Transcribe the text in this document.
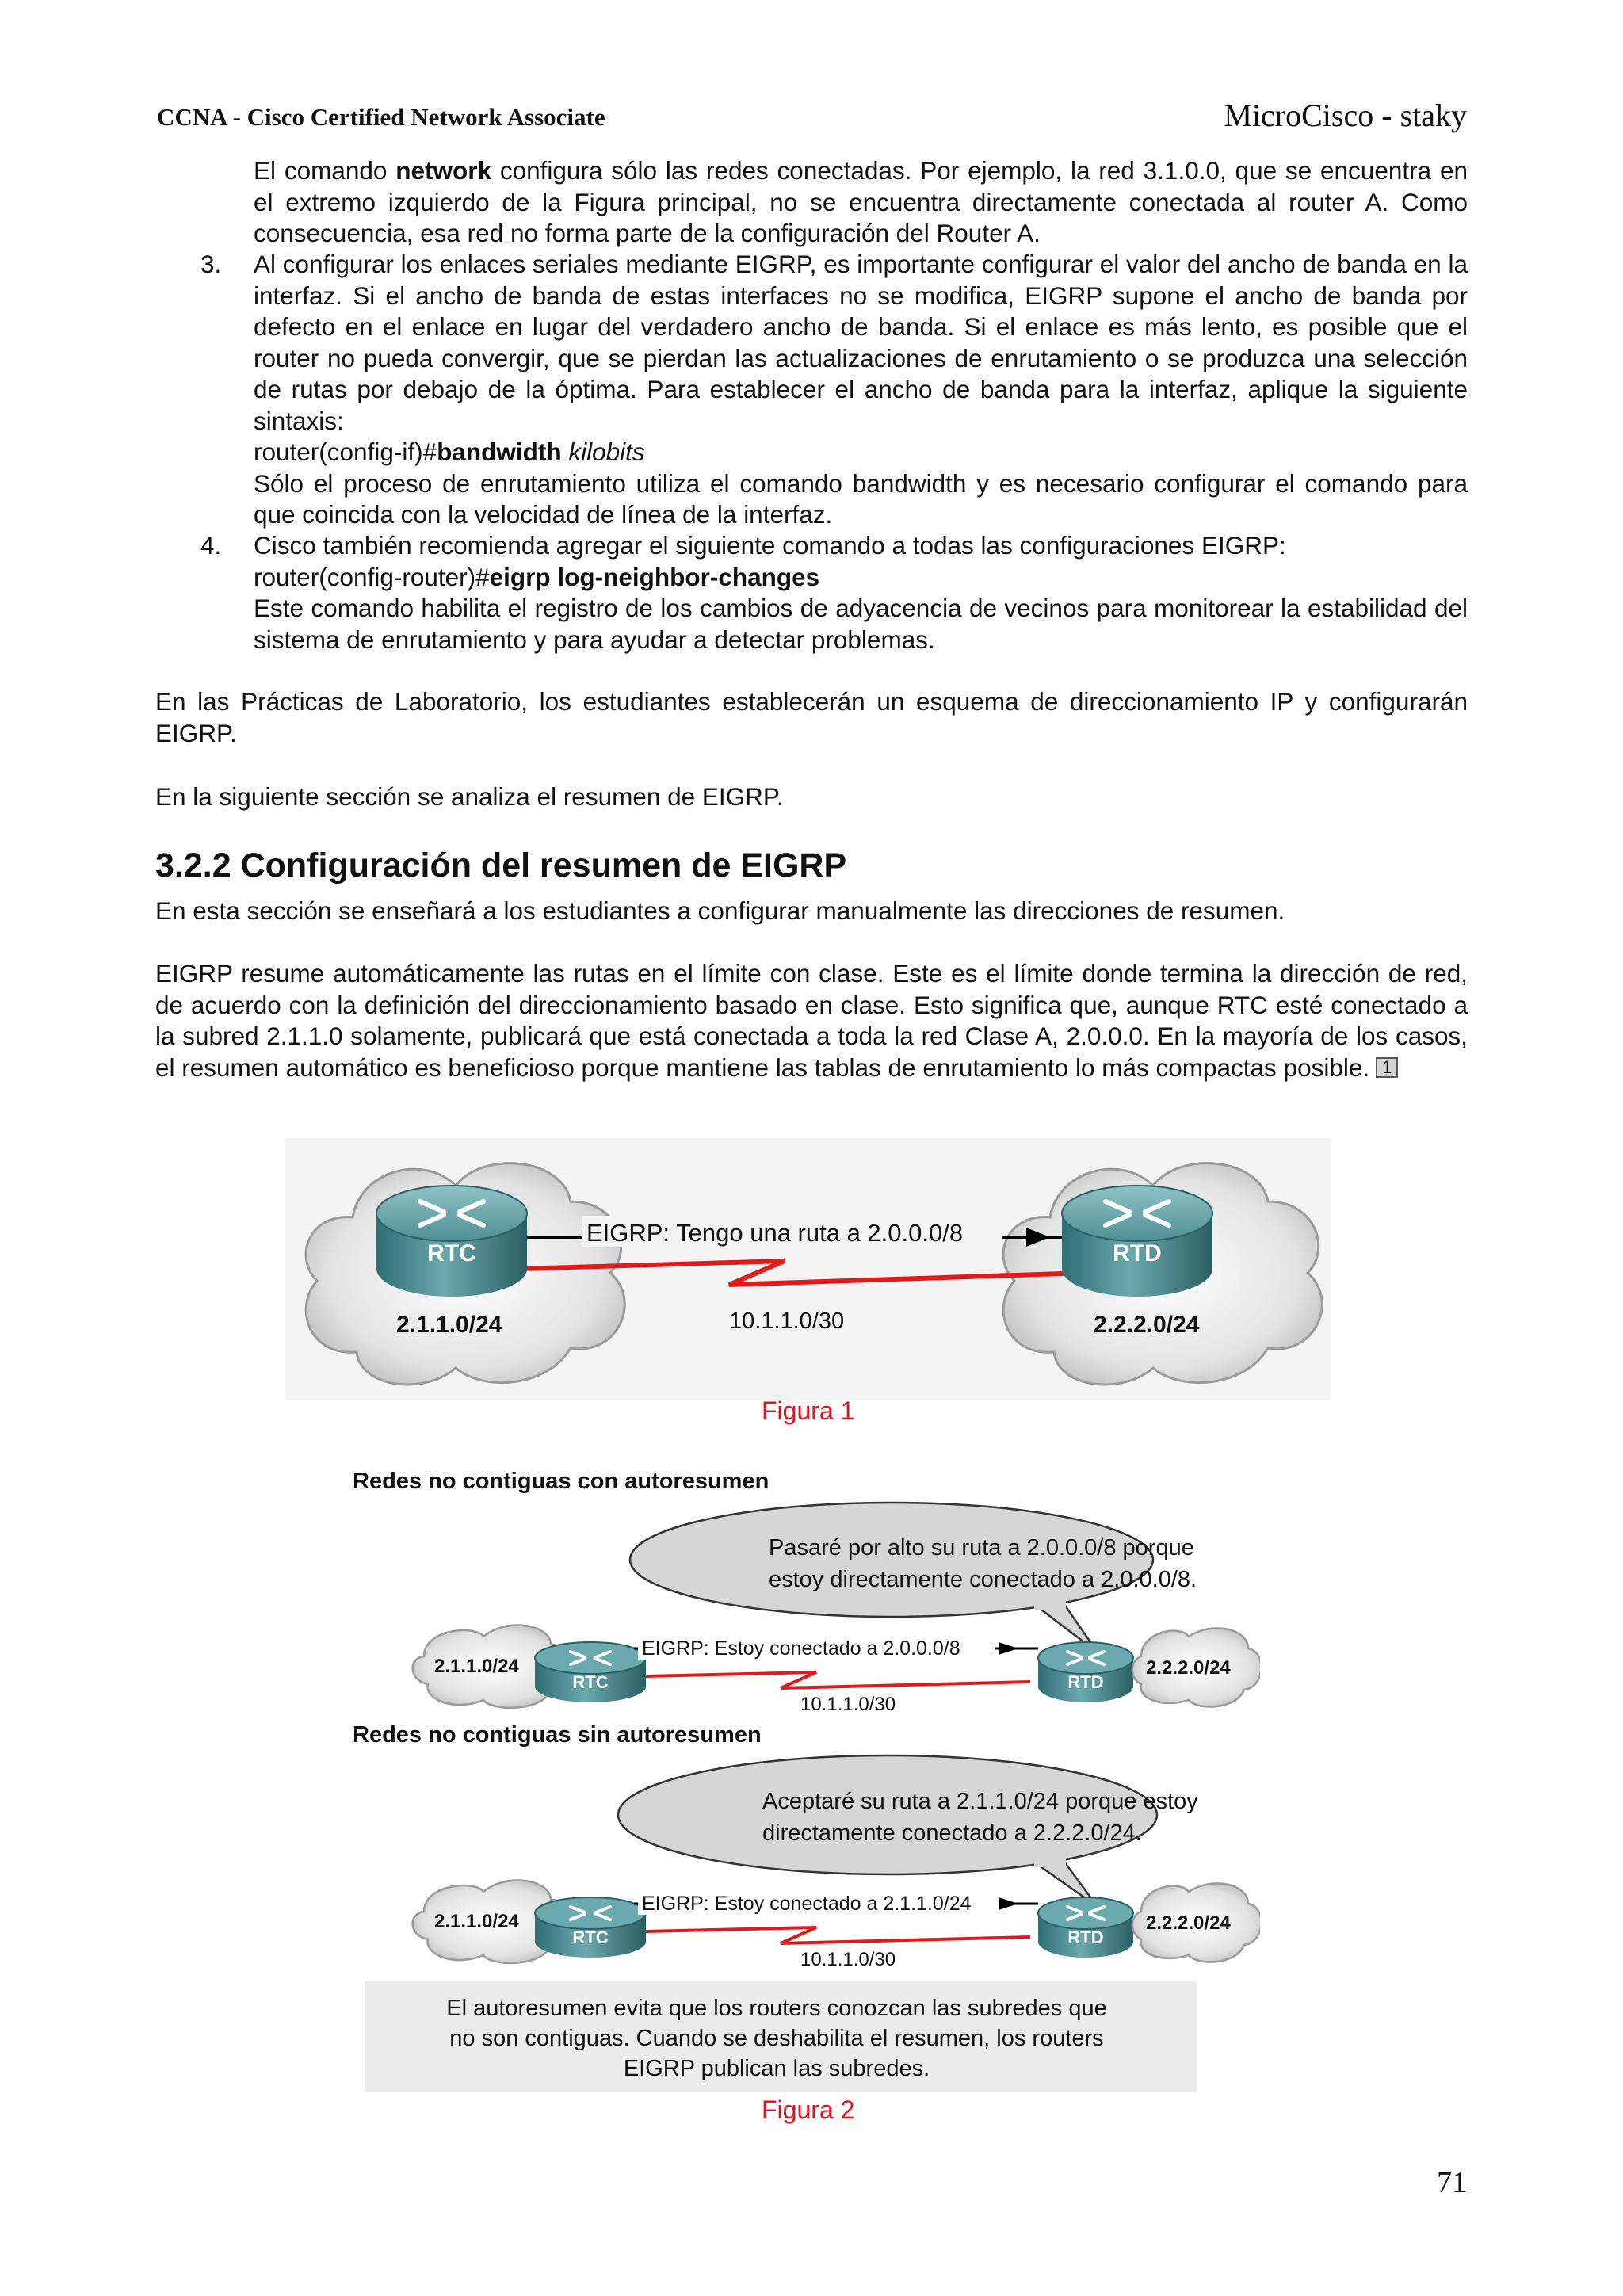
CCNA - Cisco Certified Network Associate	MicroCisco - staky
El comando network configura sólo las redes conectadas. Por ejemplo, la red 3.1.0.0, que se encuentra en el extremo izquierdo de la Figura principal, no se encuentra directamente conectada al router A. Como consecuencia, esa red no forma parte de la configuración del Router A.
3. Al configurar los enlaces seriales mediante EIGRP, es importante configurar el valor del ancho de banda en la interfaz. Si el ancho de banda de estas interfaces no se modifica, EIGRP supone el ancho de banda por defecto en el enlace en lugar del verdadero ancho de banda. Si el enlace es más lento, es posible que el router no pueda convergir, que se pierdan las actualizaciones de enrutamiento o se produzca una selección de rutas por debajo de la óptima. Para establecer el ancho de banda para la interfaz, aplique la siguiente sintaxis:
router(config-if)#bandwidth kilobits
Sólo el proceso de enrutamiento utiliza el comando bandwidth y es necesario configurar el comando para que coincida con la velocidad de línea de la interfaz.
4. Cisco también recomienda agregar el siguiente comando a todas las configuraciones EIGRP:
router(config-router)#eigrp log-neighbor-changes
Este comando habilita el registro de los cambios de adyacencia de vecinos para monitorear la estabilidad del sistema de enrutamiento y para ayudar a detectar problemas.
En las Prácticas de Laboratorio, los estudiantes establecerán un esquema de direccionamiento IP y configurarán EIGRP.
En la siguiente sección se analiza el resumen de EIGRP.
3.2.2 Configuración del resumen de EIGRP
En esta sección se enseñará a los estudiantes a configurar manualmente las direcciones de resumen.
EIGRP resume automáticamente las rutas en el límite con clase. Este es el límite donde termina la dirección de red, de acuerdo con la definición del direccionamiento basado en clase. Esto significa que, aunque RTC esté conectado a la subred 2.1.1.0 solamente, publicará que está conectada a toda la red Clase A, 2.0.0.0. En la mayoría de los casos, el resumen automático es beneficioso porque mantiene las tablas de enrutamiento lo más compactas posible. 1
RTC	RTD
EIGRP: Tengo una ruta a 2.0.0.0/8
10.1.1.0/30
2.1.1.0/24	2.2.2.0/24
Figura 1
Redes no contiguas con autoresumen
Pasaré por alto su ruta a 2.0.0.0/8 porque
estoy directamente conectado a 2.0.0.0/8.
2.1.1.0/24
RTC
EIGRP: Estoy conectado a 2.0.0.0/8
10.1.1.0/30
RTD
2.2.2.0/24
Redes no contiguas sin autoresumen
Aceptaré su ruta a 2.1.1.0/24 porque estoy
directamente conectado a 2.2.2.0/24.
2.1.1.0/24
RTC
EIGRP: Estoy conectado a 2.1.1.0/24
10.1.1.0/30
RTD
2.2.2.0/24
El autoresumen evita que los routers conozcan las subredes que
no son contiguas. Cuando se deshabilita el resumen, los routers
EIGRP publican las subredes.
Figura 2
71
